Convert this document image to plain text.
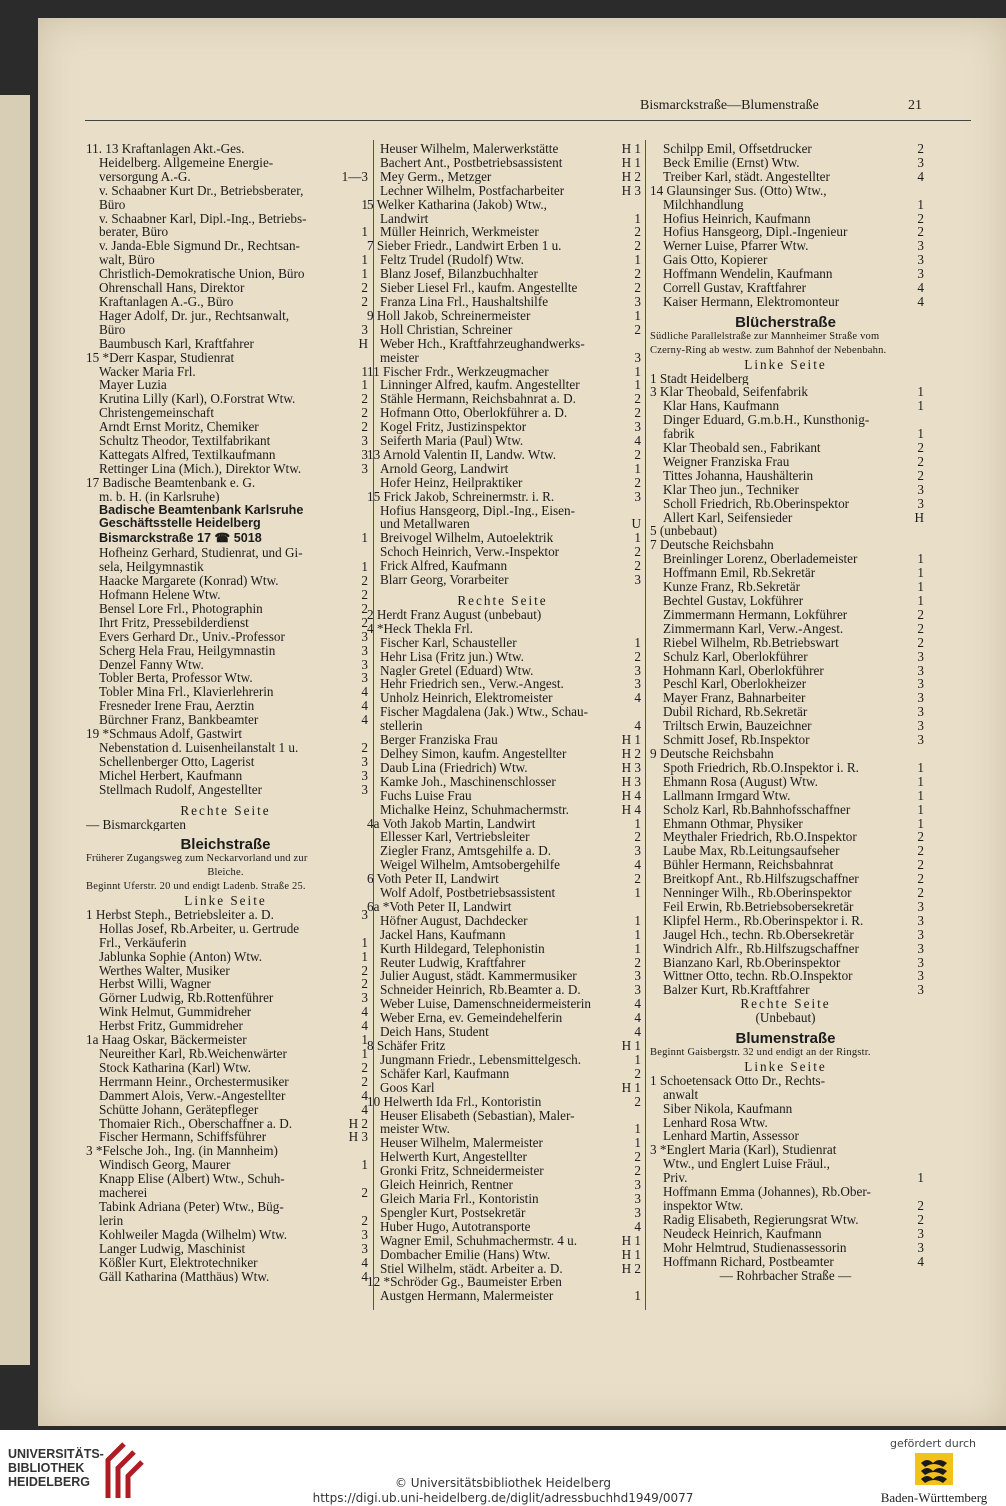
Bismarckstraße—Blumenstraße	21
11. 13 Kraftanlagen Akt.-Ges.
Heidelberg. Allgemeine Energie-
versorgung A.-G.	1—3
v. Schaabner Kurt Dr., Betriebsberater,
Büro	1
v. Schaabner Karl, Dipl.-Ing., Betriebs-
berater, Büro	1
v. Janda-Eble Sigmund Dr., Rechtsan-
walt, Büro	1
Christlich-Demokratische Union, Büro	1
Ohrenschall Hans, Direktor	2
Kraftanlagen A.-G., Büro	2
Hager Adolf, Dr. jur., Rechtsanwalt,
Büro	3
Baumbusch Karl, Kraftfahrer	H
15 *Derr Kaspar, Studienrat
Wacker Maria Frl.	1
Mayer Luzia	1
Krutina Lilly (Karl), O.Forstrat Wtw.	2
Christengemeinschaft	2
Arndt Ernst Moritz, Chemiker	2
Schultz Theodor, Textilfabrikant	3
Kattegats Alfred, Textilkaufmann	3
Rettinger Lina (Mich.), Direktor Wtw.	3
17 Badische Beamtenbank e. G.
m. b. H. (in Karlsruhe)
Badische Beamtenbank Karlsruhe
Geschäftsstelle Heidelberg
Bismarckstraße 17 ☎ 5018	1
Hofheinz Gerhard, Studienrat, und Gi-
sela, Heilgymnastik	1
Haacke Margarete (Konrad) Wtw.	2
Hofmann Helene Wtw.	2
Bensel Lore Frl., Photographin	2
Ihrt Fritz, Pressebilderdienst	2
Evers Gerhard Dr., Univ.-Professor	3
Scherg Hela Frau, Heilgymnastin	3
Denzel Fanny Wtw.	3
Tobler Berta, Professor Wtw.	3
Tobler Mina Frl., Klavierlehrerin	4
Fresneder Irene Frau, Aerztin	4
Bürchner Franz, Bankbeamter	4
19 *Schmaus Adolf, Gastwirt
Nebenstation d. Luisenheilanstalt 1 u.	2
Schellenberger Otto, Lagerist	3
Michel Herbert, Kaufmann	3
Stellmach Rudolf, Angestellter	3
Rechte Seite
— Bismarckgarten
Bleichstraße
Früherer Zugangsweg zum Neckarvorland und zur
Bleiche.
Beginnt Uferstr. 20 und endigt Ladenb. Straße 25.
Linke Seite
1 Herbst Steph., Betriebsleiter a. D.	3
Hollas Josef, Rb.Arbeiter, u. Gertrude
Frl., Verkäuferin	1
Jablunka Sophie (Anton) Wtw.	1
Werthes Walter, Musiker	2
Herbst Willi, Wagner	2
Görner Ludwig, Rb.Rottenführer	3
Wink Helmut, Gummidreher	4
Herbst Fritz, Gummidreher	4
1a Haag Oskar, Bäckermeister	1
Neureither Karl, Rb.Weichenwärter	1
Stock Katharina (Karl) Wtw.	2
Herrmann Heinr., Orchestermusiker	2
Dammert Alois, Verw.-Angestellter	4
Schütte Johann, Gerätepfleger	4
Thomaier Rich., Oberschaffner a. D.	H 2
Fischer Hermann, Schiffsführer	H 3
3 *Felsche Joh., Ing. (in Mannheim)
Windisch Georg, Maurer	1
Knapp Elise (Albert) Wtw., Schuh-
macherei	2
Tabink Adriana (Peter) Wtw., Büg-
lerin	2
Kohlweiler Magda (Wilhelm) Wtw.	3
Langer Ludwig, Maschinist	3
Kößler Kurt, Elektrotechniker	4
Gäll Katharina (Matthäus) Wtw.	4
Heuser Wilhelm, Malerwerkstätte	H 1
Bachert Ant., Postbetriebsassistent	H 1
Mey Germ., Metzger	H 2
Lechner Wilhelm, Postfacharbeiter	H 3
5 Welker Katharina (Jakob) Wtw.,
Landwirt	1
Müller Heinrich, Werkmeister	2
7 Sieber Friedr., Landwirt Erben 1 u.	2
Feltz Trudel (Rudolf) Wtw.	1
Blanz Josef, Bilanzbuchhalter	2
Sieber Liesel Frl., kaufm. Angestellte	2
Franza Lina Frl., Haushaltshilfe	3
9 Holl Jakob, Schreinermeister	1
Holl Christian, Schreiner	2
Weber Hch., Kraftfahrzeughandwerks-
meister	3
11 Fischer Frdr., Werkzeugmacher	1
Linninger Alfred, kaufm. Angestellter	1
Stähle Hermann, Reichsbahnrat a. D.	2
Hofmann Otto, Oberlokführer a. D.	2
Kogel Fritz, Justizinspektor	3
Seiferth Maria (Paul) Wtw.	4
13 Arnold Valentin II, Landw. Wtw.	2
Arnold Georg, Landwirt	1
Hofer Heinz, Heilpraktiker	2
15 Frick Jakob, Schreinermstr. i. R.	3
Hofius Hansgeorg, Dipl.-Ing., Eisen-
und Metallwaren	U
Breivogel Wilhelm, Autoelektrik	1
Schoch Heinrich, Verw.-Inspektor	2
Frick Alfred, Kaufmann	2
Blarr Georg, Vorarbeiter	3
Rechte Seite
2 Herdt Franz August (unbebaut)
4 *Heck Thekla Frl.
Fischer Karl, Schausteller	1
Hehr Lisa (Fritz jun.) Wtw.	2
Nagler Gretel (Eduard) Wtw.	3
Hehr Friedrich sen., Verw.-Angest.	3
Unholz Heinrich, Elektromeister	4
Fischer Magdalena (Jak.) Wtw., Schau-
stellerin	4
Berger Franziska Frau	H 1
Delhey Simon, kaufm. Angestellter	H 2
Daub Lina (Friedrich) Wtw.	H 3
Kamke Joh., Maschinenschlosser	H 3
Fuchs Luise Frau	H 4
Michalke Heinz, Schuhmachermstr.	H 4
4a Voth Jakob Martin, Landwirt	1
Ellesser Karl, Vertriebsleiter	2
Ziegler Franz, Amtsgehilfe a. D.	3
Weigel Wilhelm, Amtsobergehilfe	4
6 Voth Peter II, Landwirt	2
Wolf Adolf, Postbetriebsassistent	1
6a *Voth Peter II, Landwirt
Höfner August, Dachdecker	1
Jackel Hans, Kaufmann	1
Kurth Hildegard, Telephonistin	1
Reuter Ludwig, Kraftfahrer	2
Julier August, städt. Kammermusiker	3
Schneider Heinrich, Rb.Beamter a. D.	3
Weber Luise, Damenschneidermeisterin	4
Weber Erna, ev. Gemeindehelferin	4
Deich Hans, Student	4
8 Schäfer Fritz	H 1
Jungmann Friedr., Lebensmittelgesch.	1
Schäfer Karl, Kaufmann	2
Goos Karl	H 1
10 Helwerth Ida Frl., Kontoristin	2
Heuser Elisabeth (Sebastian), Maler-
meister Wtw.	1
Heuser Wilhelm, Malermeister	1
Helwerth Kurt, Angestellter	2
Gronki Fritz, Schneidermeister	2
Gleich Heinrich, Rentner	3
Gleich Maria Frl., Kontoristin	3
Spengler Kurt, Postsekretär	3
Huber Hugo, Autotransporte	4
Wagner Emil, Schuhmachermstr. 4 u.	H 1
Dombacher Emilie (Hans) Wtw.	H 1
Stiel Wilhelm, städt. Arbeiter a. D.	H 2
12 *Schröder Gg., Baumeister Erben
Austgen Hermann, Malermeister	1
Schilpp Emil, Offsetdrucker	2
Beck Emilie (Ernst) Wtw.	3
Treiber Karl, städt. Angestellter	4
14 Glaunsinger Sus. (Otto) Wtw.,
Milchhandlung	1
Hofius Heinrich, Kaufmann	2
Hofius Hansgeorg, Dipl.-Ingenieur	2
Werner Luise, Pfarrer Wtw.	3
Gais Otto, Kopierer	3
Hoffmann Wendelin, Kaufmann	3
Correll Gustav, Kraftfahrer	4
Kaiser Hermann, Elektromonteur	4
Blücherstraße
Südliche Parallelstraße zur Mannheimer Straße vom
Czerny-Ring ab westw. zum Bahnhof der Nebenbahn.
Linke Seite
1 Stadt Heidelberg
3 Klar Theobald, Seifenfabrik	1
Klar Hans, Kaufmann	1
Dinger Eduard, G.m.b.H., Kunsthonig-
fabrik	1
Klar Theobald sen., Fabrikant	2
Weigner Franziska Frau	2
Tittes Johanna, Haushälterin	2
Klar Theo jun., Techniker	3
Scholl Friedrich, Rb.Oberinspektor	3
Allert Karl, Seifensieder	H
5 (unbebaut)
7 Deutsche Reichsbahn
Breinlinger Lorenz, Oberlademeister	1
Hoffmann Emil, Rb.Sekretär	1
Kunze Franz, Rb.Sekretär	1
Bechtel Gustav, Lokführer	1
Zimmermann Hermann, Lokführer	2
Zimmermann Karl, Verw.-Angest.	2
Riebel Wilhelm, Rb.Betriebswart	2
Schulz Karl, Oberlokführer	3
Hohmann Karl, Oberlokführer	3
Peschl Karl, Oberlokheizer	3
Mayer Franz, Bahnarbeiter	3
Dubil Richard, Rb.Sekretär	3
Triltsch Erwin, Bauzeichner	3
Schmitt Josef, Rb.Inspektor	3
9 Deutsche Reichsbahn
Spoth Friedrich, Rb.O.Inspektor i. R.	1
Ehmann Rosa (August) Wtw.	1
Lallmann Irmgard Wtw.	1
Scholz Karl, Rb.Bahnhofsschaffner	1
Ehmann Othmar, Physiker	1
Meythaler Friedrich, Rb.O.Inspektor	2
Laube Max, Rb.Leitungsaufseher	2
Bühler Hermann, Reichsbahnrat	2
Breitkopf Ant., Rb.Hilfszugschaffner	2
Nenninger Wilh., Rb.Oberinspektor	2
Feil Erwin, Rb.Betriebsobersekretär	3
Klipfel Herm., Rb.Oberinspektor i. R.	3
Jaugel Hch., techn. Rb.Obersekretär	3
Windrich Alfr., Rb.Hilfszugschaffner	3
Bianzano Karl, Rb.Oberinspektor	3
Wittner Otto, techn. Rb.O.Inspektor	3
Balzer Kurt, Rb.Kraftfahrer	3
Rechte Seite
(Unbebaut)
Blumenstraße
Beginnt Gaisbergstr. 32 und endigt an der Ringstr.
Linke Seite
1 Schoetensack Otto Dr., Rechts-
anwalt
Siber Nikola, Kaufmann
Lenhard Rosa Wtw.
Lenhard Martin, Assessor
3 *Englert Maria (Karl), Studienrat
Wtw., und Englert Luise Fräul.,
Priv.	1
Hoffmann Emma (Johannes), Rb.Ober-
inspektor Wtw.	2
Radig Elisabeth, Regierungsrat Wtw.	2
Neudeck Heinrich, Kaufmann	3
Mohr Helmtrud, Studienassessorin	3
Hoffmann Richard, Postbeamter	4
— Rohrbacher Straße —
UNIVERSITÄTS-
BIBLIOTHEK
HEIDELBERG	© Universitätsbibliothek Heidelberg
https://digi.ub.uni-heidelberg.de/diglit/adressbuchhd1949/0077
gefördert durch
Baden-Württemberg
